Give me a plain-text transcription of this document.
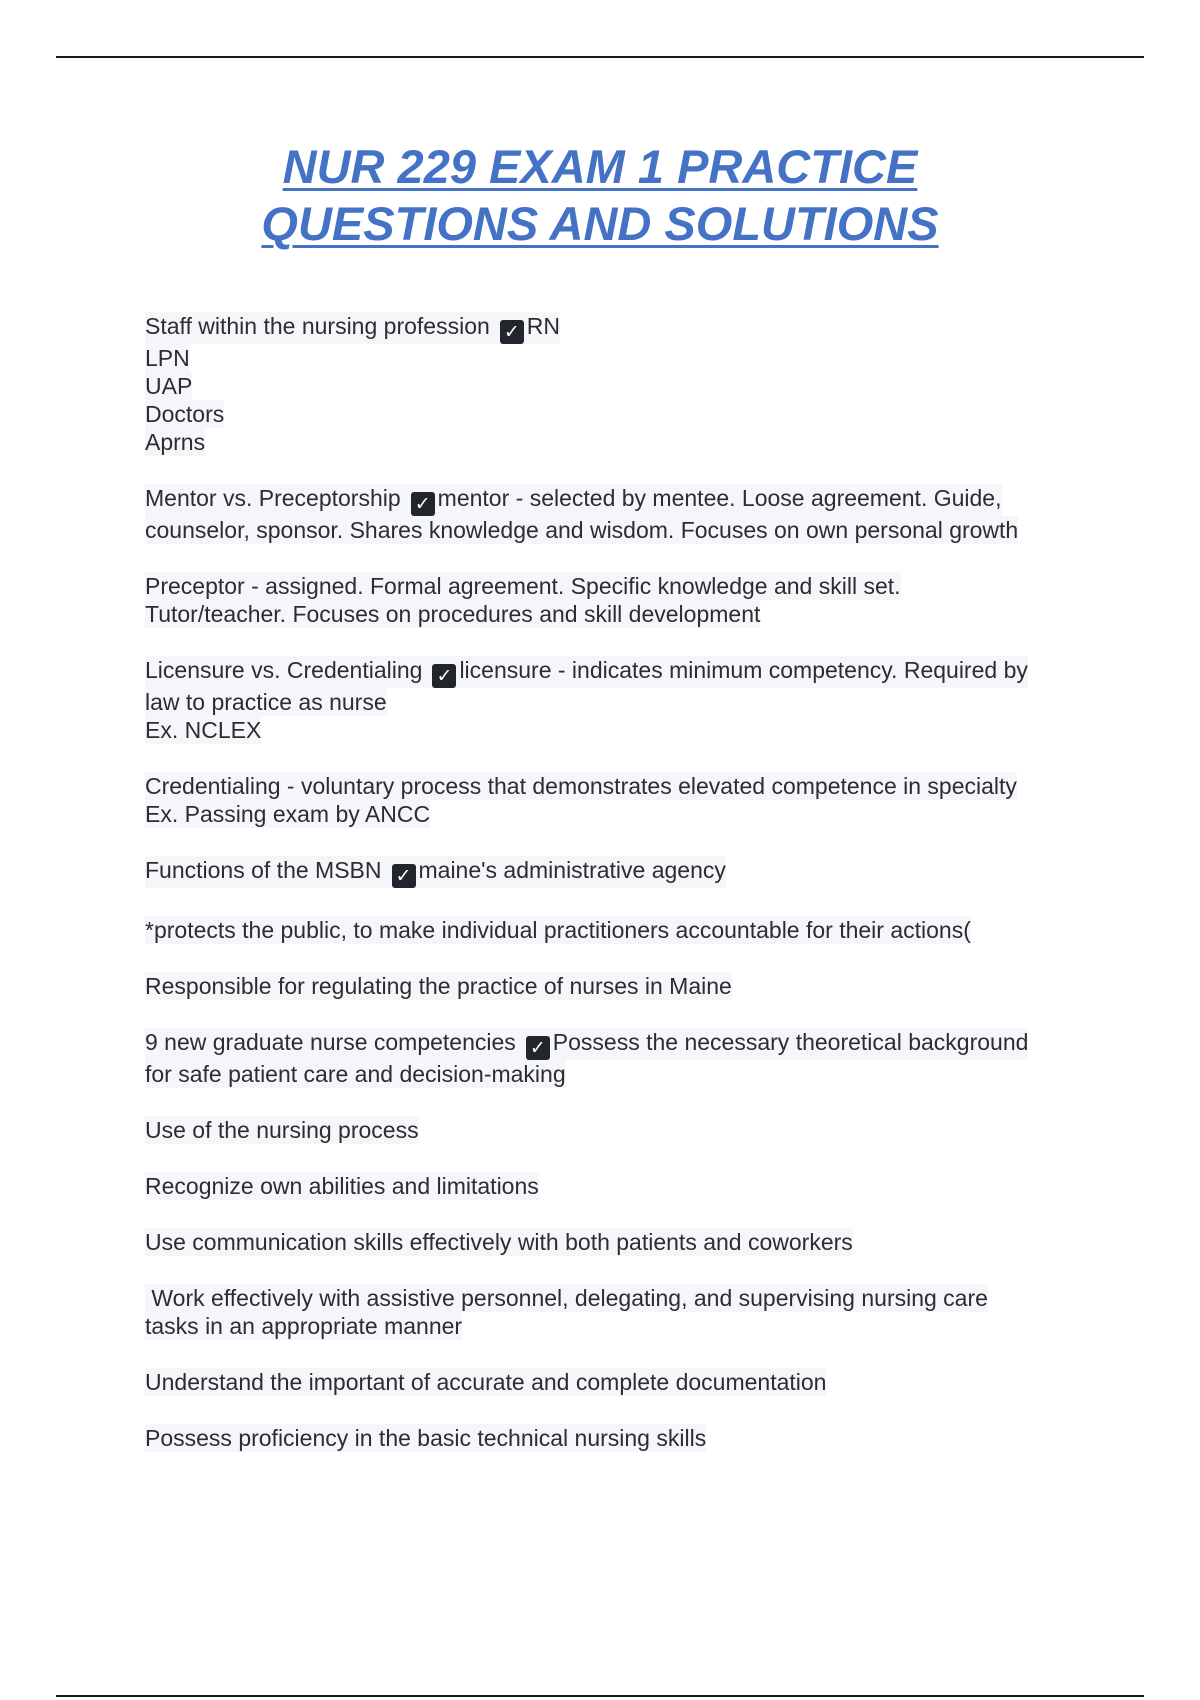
NUR 229 EXAM 1 PRACTICE
QUESTIONS AND SOLUTIONS
Staff within the nursing profession ✓ RN
LPN
UAP
Doctors
Aprns
Mentor vs. Preceptorship ✓ mentor - selected by mentee. Loose agreement. Guide,
counselor, sponsor. Shares knowledge and wisdom. Focuses on own personal growth
Preceptor - assigned. Formal agreement. Specific knowledge and skill set.
Tutor/teacher. Focuses on procedures and skill development
Licensure vs. Credentialing ✓ licensure - indicates minimum competency. Required by
law to practice as nurse
Ex. NCLEX
Credentialing - voluntary process that demonstrates elevated competence in specialty
Ex. Passing exam by ANCC
Functions of the MSBN ✓ maine's administrative agency
*protects the public, to make individual practitioners accountable for their actions(
Responsible for regulating the practice of nurses in Maine
9 new graduate nurse competencies ✓ Possess the necessary theoretical background
for safe patient care and decision-making
Use of the nursing process
Recognize own abilities and limitations
Use communication skills effectively with both patients and coworkers
Work effectively with assistive personnel, delegating, and supervising nursing care
tasks in an appropriate manner
Understand the important of accurate and complete documentation
Possess proficiency in the basic technical nursing skills
